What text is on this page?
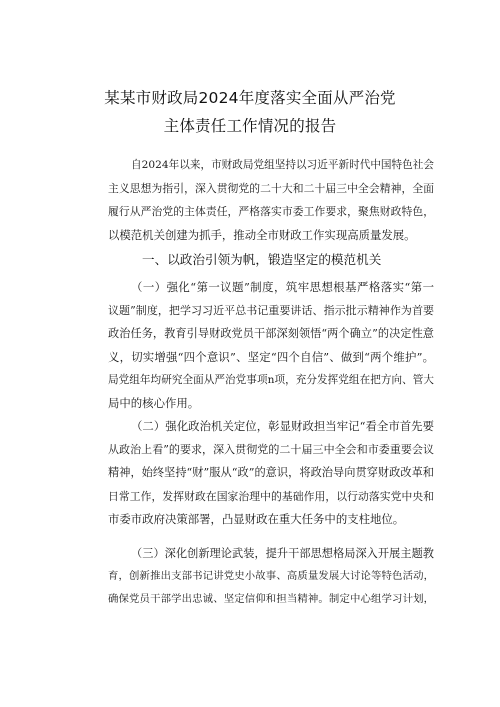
某某市财政局2024年度落实全面从严治党
主体责任工作情况的报告
自2024年以来，市财政局党组坚持以习近平新时代中国特色社会
主义思想为指引，深入贯彻党的二十大和二十届三中全会精神，全面
履行从严治党的主体责任，严格落实市委工作要求，聚焦财政特色，
以模范机关创建为抓手，推动全市财政工作实现高质量发展。
一、以政治引领为帆，锻造坚定的模范机关
（一）强化“第一议题”制度，筑牢思想根基严格落实“第一
议题”制度，把学习习近平总书记重要讲话、指示批示精神作为首要
政治任务，教育引导财政党员干部深刻领悟“两个确立”的决定性意
义，切实增强“四个意识”、坚定“四个自信”、做到“两个维护”。
局党组年均研究全面从严治党事项n项，充分发挥党组在把方向、管大
局中的核心作用。
（二）强化政治机关定位，彰显财政担当牢记“看全市首先要
从政治上看”的要求，深入贯彻党的二十届三中全会和市委重要会议
精神，始终坚持“财”服从“政”的意识，将政治导向贯穿财政改革和
日常工作，发挥财政在国家治理中的基础作用，以行动落实党中央和
市委市政府决策部署，凸显财政在重大任务中的支柱地位。
（三）深化创新理论武装，提升干部思想格局深入开展主题教
育，创新推出支部书记讲党史小故事、高质量发展大讨论等特色活动，
确保党员干部学出忠诚、坚定信仰和担当精神。制定中心组学习计划，
